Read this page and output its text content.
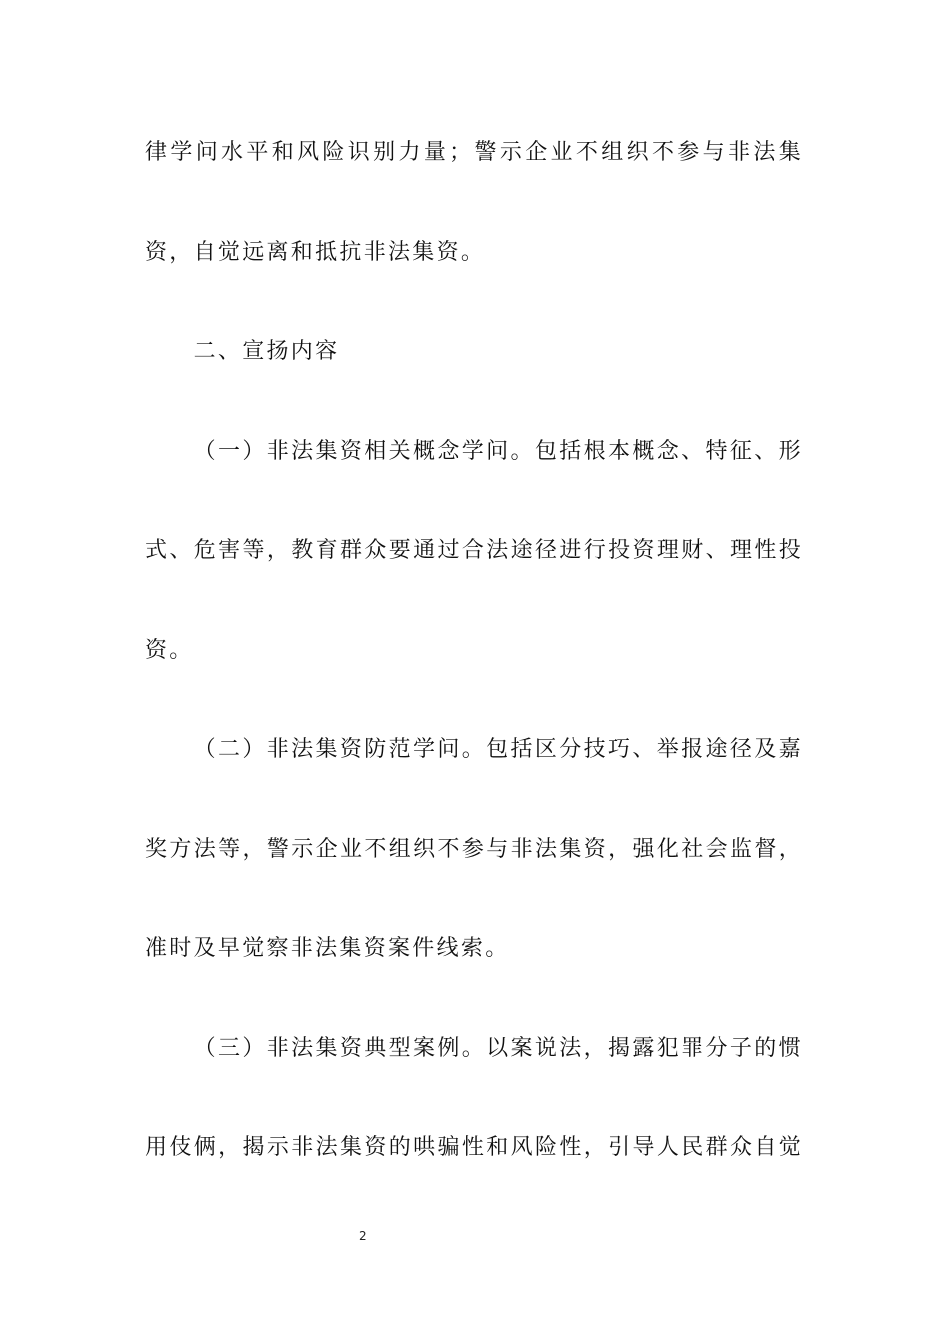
律学问水平和风险识别力量；警示企业不组织不参与非法集
资，自觉远离和抵抗非法集资。
二、宣扬内容
（一）非法集资相关概念学问。包括根本概念、特征、形
式、危害等，教育群众要通过合法途径进行投资理财、理性投
资。
（二）非法集资防范学问。包括区分技巧、举报途径及嘉
奖方法等，警示企业不组织不参与非法集资，强化社会监督，
准时及早觉察非法集资案件线索。
（三）非法集资典型案例。以案说法，揭露犯罪分子的惯
用伎俩，揭示非法集资的哄骗性和风险性，引导人民群众自觉
2
